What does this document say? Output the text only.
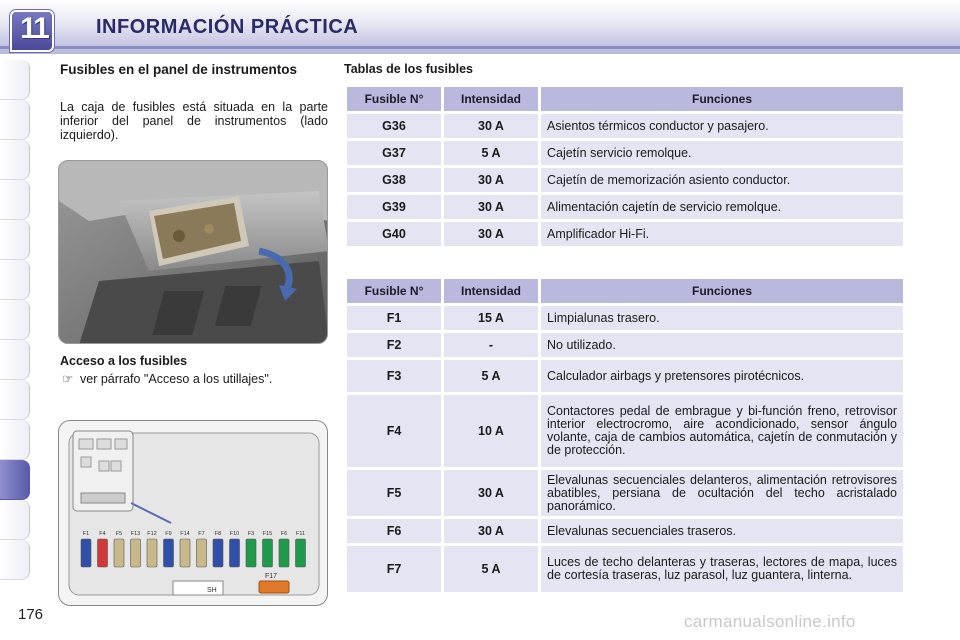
11	INFORMACIÓN PRÁCTICA
Fusibles en el panel de instrumentos
La caja de fusibles está situada en la parte inferior del panel de instrumentos (lado izquierdo).
Acceso a los fusibles
☞ ver párrafo "Acceso a los utillajes".
F1 F4 F5 F13 F12 F9 F14 F7 F8 F10 F3 F15 F6 F11
SH
F17
Tablas de los fusibles
Fusible N°	Intensidad	Funciones
G36	30 A	Asientos térmicos conductor y pasajero.
G37	5 A	Cajetín servicio remolque.
G38	30 A	Cajetín de memorización asiento conductor.
G39	30 A	Alimentación cajetín de servicio remolque.
G40	30 A	Amplificador Hi-Fi.
Fusible N°	Intensidad	Funciones
F1	15 A	Limpialunas trasero.
F2	-	No utilizado.
F3	5 A	Calculador airbags y pretensores pirotécnicos.
F4	10 A	Contactores pedal de embrague y bi-función freno, retrovisor interior electrocromo, aire acondicionado, sensor ángulo volante, caja de cambios automática, cajetín de conmutación y de protección.
F5	30 A	Elevalunas secuenciales delanteros, alimentación retrovisores abatibles, persiana de ocultación del techo acristalado panorámico.
F6	30 A	Elevalunas secuenciales traseros.
F7	5 A	Luces de techo delanteras y traseras, lectores de mapa, luces de cortesía traseras, luz parasol, luz guantera, linterna.
176	carmanualsonline.info
